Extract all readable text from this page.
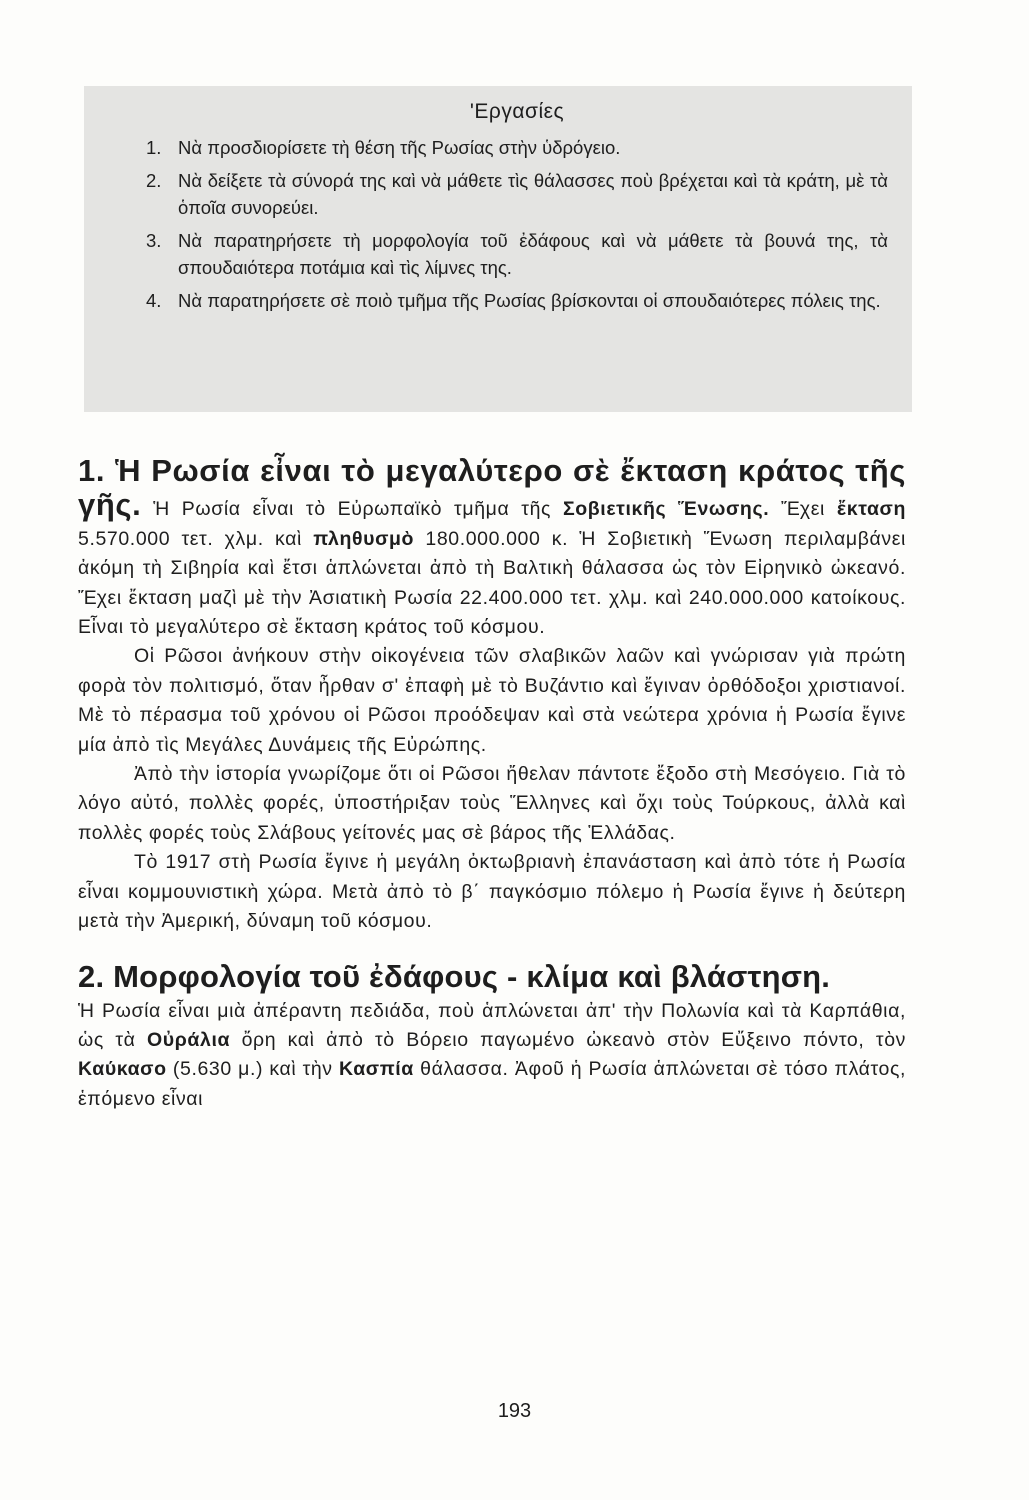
'Εργασίες
1. Νὰ προσδιορίσετε τὴ θέση τῆς Ρωσίας στὴν ὑδρόγειο.
2. Νὰ δείξετε τὰ σύνορά της καὶ νὰ μάθετε τὶς θάλασσες ποὺ βρέχεται καὶ τὰ κράτη, μὲ τὰ ὁποῖα συνορεύει.
3. Νὰ παρατηρήσετε τὴ μορφολογία τοῦ ἐδάφους καὶ νὰ μάθετε τὰ βουνά της, τὰ σπουδαιότερα ποτάμια καὶ τὶς λίμνες της.
4. Νὰ παρατηρήσετε σὲ ποιὸ τμῆμα τῆς Ρωσίας βρίσκονται οἱ σπουδαιότερες πόλεις της.
1. Ἡ Ρωσία εἶναι τὸ μεγαλύτερο σὲ ἔκταση κράτος τῆς γῆς. Ἡ Ρωσία εἶναι τὸ Εὐρωπαϊκὸ τμῆμα τῆς Σοβιετικῆς Ἕνωσης. Ἔχει ἔκταση 5.570.000 τετ. χλμ. καὶ πληθυσμὸ 180.000.000 κ. Ἡ Σοβιετικὴ Ἕνωση περιλαμβάνει ἀκόμη τὴ Σιβηρία καὶ ἔτσι ἁπλώνεται ἀπὸ τὴ Βαλτικὴ θάλασσα ὡς τὸν Εἰρηνικὸ ὠκεανό. Ἔχει ἔκταση μαζὶ μὲ τὴν Ἀσιατικὴ Ρωσία 22.400.000 τετ. χλμ. καὶ 240.000.000 κατοίκους. Εἶναι τὸ μεγαλύτερο σὲ ἔκταση κράτος τοῦ κόσμου.

Οἱ Ρῶσοι ἀνήκουν στὴν οἰκογένεια τῶν σλαβικῶν λαῶν καὶ γνώρισαν γιὰ πρώτη φορὰ τὸν πολιτισμό, ὅταν ἦρθαν σ' ἐπαφὴ μὲ τὸ Βυζάντιο καὶ ἔγιναν ὀρθόδοξοι χριστιανοί. Μὲ τὸ πέρασμα τοῦ χρόνου οἱ Ρῶσοι προόδεψαν καὶ στὰ νεώτερα χρόνια ἡ Ρωσία ἔγινε μία ἀπὸ τὶς Μεγάλες Δυνάμεις τῆς Εὐρώπης.

Ἀπὸ τὴν ἱστορία γνωρίζομε ὅτι οἱ Ρῶσοι ἤθελαν πάντοτε ἔξοδο στὴ Μεσόγειο. Γιὰ τὸ λόγο αὐτό, πολλὲς φορές, ὑποστήριξαν τοὺς Ἕλληνες καὶ ὄχι τοὺς Τούρκους, ἀλλὰ καὶ πολλὲς φορές τοὺς Σλάβους γείτονές μας σὲ βάρος τῆς Ἑλλάδας.

Τὸ 1917 στὴ Ρωσία ἔγινε ἡ μεγάλη ὀκτωβριανὴ ἐπανάσταση καὶ ἀπὸ τότε ἡ Ρωσία εἶναι κομμουνιστικὴ χώρα. Μετὰ ἀπὸ τὸ β΄ παγκόσμιο πόλεμο ἡ Ρωσία ἔγινε ἡ δεύτερη μετὰ τὴν Ἀμερική, δύναμη τοῦ κόσμου.

2. Μορφολογία τοῦ ἐδάφους - κλίμα καὶ βλάστηση.
Ἡ Ρωσία εἶναι μιὰ ἀπέραντη πεδιάδα, ποὺ ἁπλώνεται ἀπ' τὴν Πολωνία καὶ τὰ Καρπάθια, ὡς τὰ Οὐράλια ὄρη καὶ ἀπὸ τὸ Βόρειο παγωμένο ὠκεανὸ στὸν Εὔξεινο πόντο, τὸν Καύκασο (5.630 μ.) καὶ τὴν Κασπία θάλασσα. Ἀφοῦ ἡ Ρωσία ἁπλώνεται σὲ τόσο πλάτος, ἑπόμενο εἶναι
193
